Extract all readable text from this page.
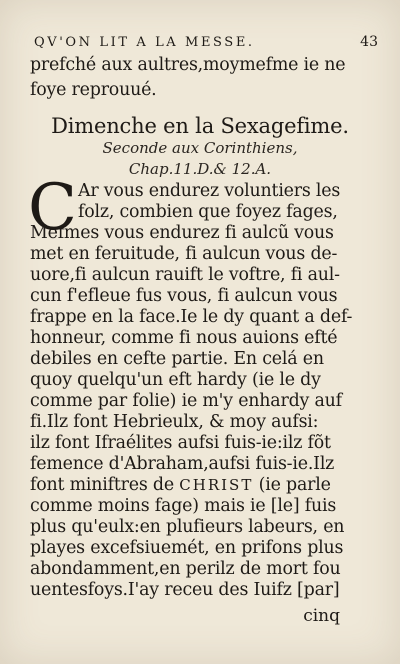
QV'ON LIT A LA MESSE.	43
prefché aux aultres,moymefme ie ne
foye reprouué.
Dimenche en la Sexagefime.
Seconde aux Corinthiens,
Chap.11.D.& 12.A.
C Ar vous endurez voluntiers les
folz, combien que foyez fages,
Mefmes vous endurez fi aulcũ vous
met en feruitude, fi aulcun vous de-
uore,fi aulcun rauift le voftre, fi aul-
cun f'efleue fus vous, fi aulcun vous
frappe en la face.Ie le dy quant a def-
honneur, comme fi nous auions efté
debiles en cefte partie. En celá en
quoy quelqu'un eft hardy (ie le dy
comme par folie) ie m'y enhardy auf
fi.Ilz font Hebrieulx, & moy aufsi:
ilz font Ifraélites aufsi fuis-ie:ilz fõt
femence d'Abraham,aufsi fuis-ie.Ilz
font miniftres de CHRIST (ie parle
comme moins fage) mais ie [le] fuis
plus qu'eulx:en plufieurs labeurs, en
playes excefsiuemét, en prifons plus
abondamment,en perilz de mort fou
uentesfoys.I'ay receu des Iuifz [par]
cinq
